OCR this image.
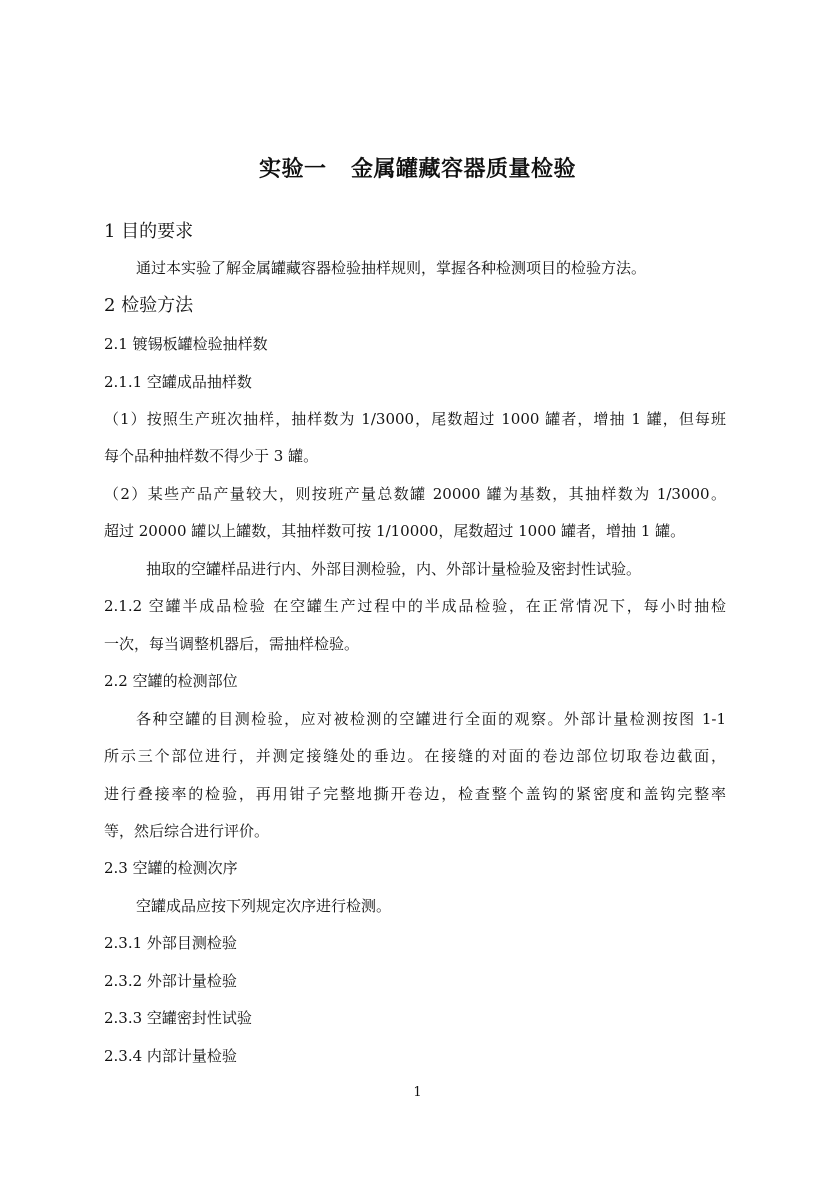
实验一   金属罐藏容器质量检验
1 目的要求
通过本实验了解金属罐藏容器检验抽样规则，掌握各种检测项目的检验方法。
2 检验方法
2.1 镀锡板罐检验抽样数
2.1.1 空罐成品抽样数
（1）按照生产班次抽样，抽样数为 1/3000，尾数超过 1000 罐者，增抽 1 罐，但每班
每个品种抽样数不得少于 3 罐。
（2）某些产品产量较大，则按班产量总数罐 20000 罐为基数，其抽样数为 1/3000。
超过 20000 罐以上罐数，其抽样数可按 1/10000，尾数超过 1000 罐者，增抽 1 罐。
抽取的空罐样品进行内、外部目测检验，内、外部计量检验及密封性试验。
2.1.2 空罐半成品检验 在空罐生产过程中的半成品检验，在正常情况下，每小时抽检
一次，每当调整机器后，需抽样检验。
2.2 空罐的检测部位
各种空罐的目测检验，应对被检测的空罐进行全面的观察。外部计量检测按图 1-1
所示三个部位进行，并测定接缝处的垂边。在接缝的对面的卷边部位切取卷边截面，
进行叠接率的检验，再用钳子完整地撕开卷边，检查整个盖钩的紧密度和盖钩完整率
等，然后综合进行评价。
2.3 空罐的检测次序
空罐成品应按下列规定次序进行检测。
2.3.1 外部目测检验
2.3.2 外部计量检验
2.3.3 空罐密封性试验
2.3.4 内部计量检验
1
